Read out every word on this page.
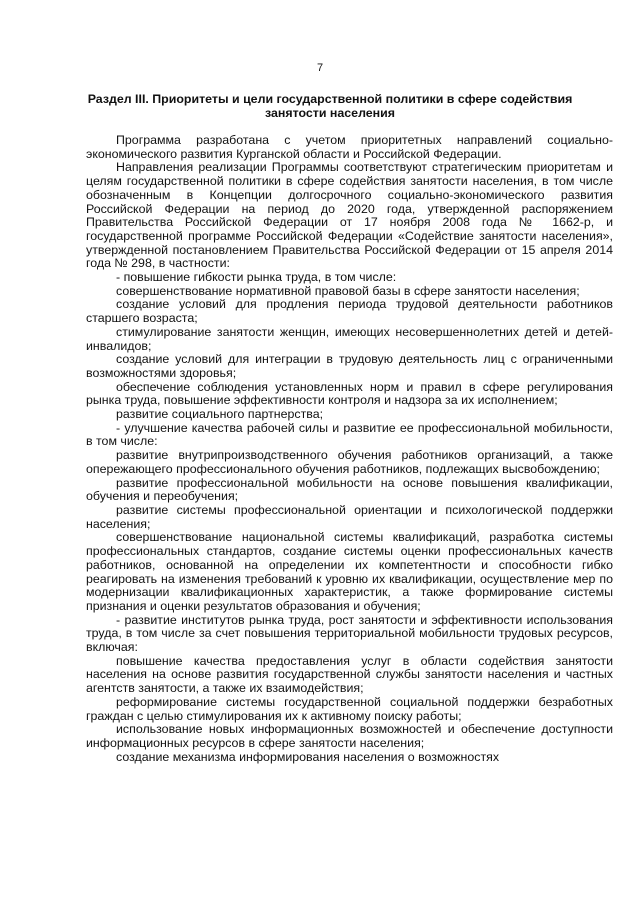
7
Раздел III. Приоритеты и цели государственной политики в сфере содействия занятости населения

Программа разработана с учетом приоритетных направлений социально-экономического развития Курганской области и Российской Федерации.

Направления реализации Программы соответствуют стратегическим приоритетам и целям государственной политики в сфере содействия занятости населения, в том числе обозначенным в Концепции долгосрочного социально-экономического развития Российской Федерации на период до 2020 года, утвержденной распоряжением Правительства Российской Федерации от 17 ноября 2008 года № 1662-р, и государственной программе Российской Федерации «Содействие занятости населения», утвержденной постановлением Правительства Российской Федерации от 15 апреля 2014 года № 298, в частности:

- повышение гибкости рынка труда, в том числе:

совершенствование нормативной правовой базы в сфере занятости населения;

создание условий для продления периода трудовой деятельности работников старшего возраста;

стимулирование занятости женщин, имеющих несовершеннолетних детей и детей-инвалидов;

создание условий для интеграции в трудовую деятельность лиц с ограниченными возможностями здоровья;

обеспечение соблюдения установленных норм и правил в сфере регулирования рынка труда, повышение эффективности контроля и надзора за их исполнением;

развитие социального партнерства;

- улучшение качества рабочей силы и развитие ее профессиональной мобильности, в том числе:

развитие внутрипроизводственного обучения работников организаций, а также опережающего профессионального обучения работников, подлежащих высвобождению;

развитие профессиональной мобильности на основе повышения квалификации, обучения и переобучения;

развитие системы профессиональной ориентации и психологической поддержки населения;

совершенствование национальной системы квалификаций, разработка системы профессиональных стандартов, создание системы оценки профессиональных качеств работников, основанной на определении их компетентности и способности гибко реагировать на изменения требований к уровню их квалификации, осуществление мер по модернизации квалификационных характеристик, а также формирование системы признания и оценки результатов образования и обучения;

- развитие институтов рынка труда, рост занятости и эффективности использования труда, в том числе за счет повышения территориальной мобильности трудовых ресурсов, включая:

повышение качества предоставления услуг в области содействия занятости населения на основе развития государственной службы занятости населения и частных агентств занятости, а также их взаимодействия;

реформирование системы государственной социальной поддержки безработных граждан с целью стимулирования их к активному поиску работы;

использование новых информационных возможностей и обеспечение доступности информационных ресурсов в сфере занятости населения;

создание механизма информирования населения о возможностях
